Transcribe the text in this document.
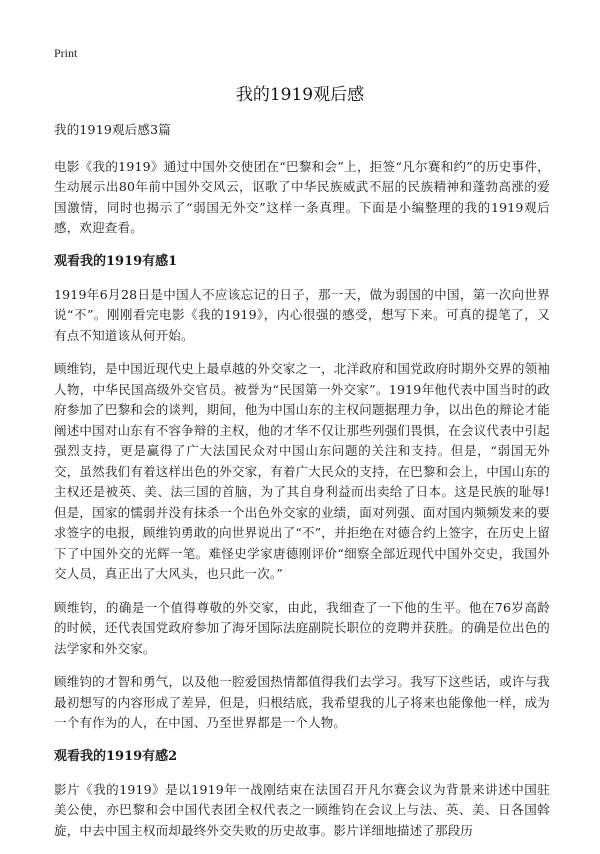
Print
我的1919观后感

我的1919观后感3篇

电影《我的1919》通过中国外交使团在“巴黎和会”上，拒签“凡尔赛和约”的历史事件，生动展示出80年前中国外交风云，讴歌了中华民族威武不屈的民族精神和蓬勃高涨的爱国激情，同时也揭示了“弱国无外交”这样一条真理。下面是小编整理的我的1919观后感，欢迎查看。

观看我的1919有感1

1919年6月28日是中国人不应该忘记的日子，那一天，做为弱国的中国，第一次向世界说“不”。刚刚看完电影《我的1919》，内心很强的感受，想写下来。可真的提笔了，又有点不知道该从何开始。

顾维钧，是中国近现代史上最卓越的外交家之一，北洋政府和国党政府时期外交界的领袖人物，中华民国高级外交官员。被誉为“民国第一外交家”。1919年他代表中国当时的政府参加了巴黎和会的谈判，期间，他为中国山东的主权问题据理力争，以出色的辩论才能阐述中国对山东有不容争辩的主权，他的才华不仅让那些列强们畏惧，在会议代表中引起强烈支持，更是赢得了广大法国民众对中国山东问题的关注和支持。但是，“弱国无外交，虽然我们有着这样出色的外交家，有着广大民众的支持，在巴黎和会上，中国山东的主权还是被英、美、法三国的首脑，为了其自身利益而出卖给了日本。这是民族的耻辱!但是，国家的懦弱并没有抹杀一个出色外交家的业绩，面对列强、面对国内频频发来的要求签字的电报，顾维钧勇敢的向世界说出了“不”，并拒绝在对德合约上签字，在历史上留下了中国外交的光辉一笔。难怪史学家唐德刚评价“细察全部近现代中国外交史，我国外交人员，真正出了大风头，也只此一次。”

顾维钧，的确是一个值得尊敬的外交家，由此，我细查了一下他的生平。他在76岁高龄的时候，还代表国党政府参加了海牙国际法庭副院长职位的竞聘并获胜。的确是位出色的法学家和外交家。

顾维钧的才智和勇气，以及他一腔爱国热情都值得我们去学习。我写下这些话，或许与我最初想写的内容形成了差异，但是，归根结底，我希望我的儿子将来也能像他一样，成为一个有作为的人，在中国、乃至世界都是一个人物。

观看我的1919有感2

影片《我的1919》是以1919年一战刚结束在法国召开凡尔赛会议为背景来讲述中国驻美公使，亦巴黎和会中国代表团全权代表之一顾维钧在会议上与法、英、美、日各国斡旋，中去中国主权而却最终外交失败的历史故事。影片详细地描述了那段历
